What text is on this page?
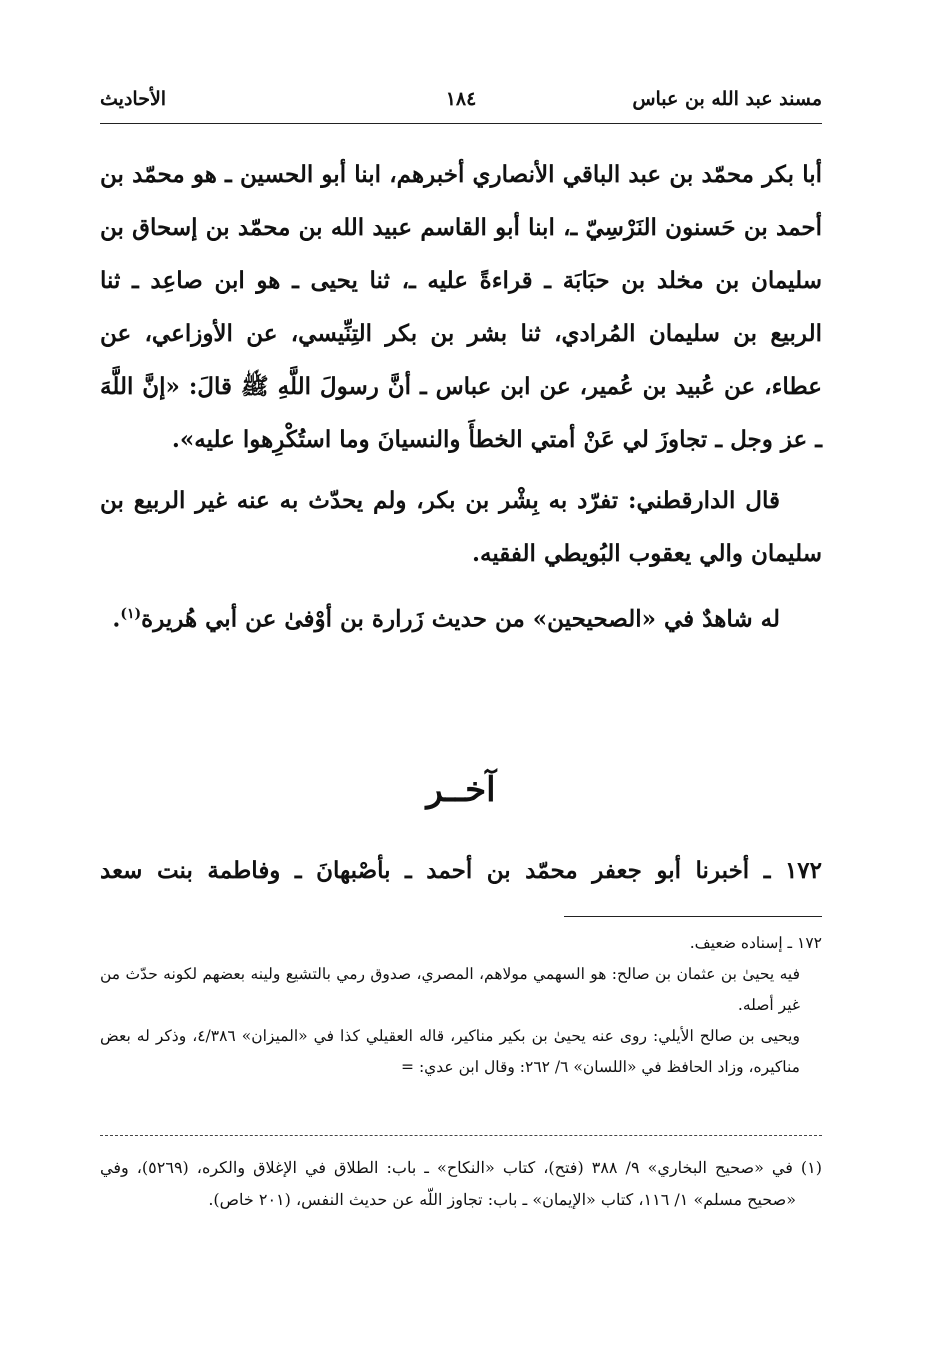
مسند عبد الله بن عباس
١٨٤
الأحاديث

أبا بكر محمّد بن عبد الباقي الأنصاري أخبرهم، ابنا أبو الحسين ـ هو محمّد بن أحمد بن حَسنون النَرْسِيّ ـ، ابنا أبو القاسم عبيد الله بن محمّد بن إسحاق بن سليمان بن مخلد بن حبَابَة ـ قراءةً عليه ـ، ثنا يحيى ـ هو ابن صاعِد ـ ثنا الربيع بن سليمان المُرادي، ثنا بشر بن بكر التِنِّيسي، عن الأوزاعي، عن عطاء، عن عُبيد بن عُمير، عن ابن عباس ـ أنَّ رسولَ اللَّهِ ﷺ قالَ: «إنَّ اللَّهَ ـ عز وجل ـ تجاوزَ لي عَنْ أمتي الخطأَ والنسيانَ وما استُكْرِهوا عليه».

قال الدارقطني: تفرّد به بِشْر بن بكر، ولم يحدّث به عنه غير الربيع بن سليمان والي يعقوب البُويطي الفقيه.

له شاهدٌ في «الصحيحين» من حديث زَرارة بن أوْفىٰ عن أبي هُريرة$^{(١)}$.

آخــر
١٧٢ ـ أخبرنا أبو جعفر محمّد بن أحمد ـ بأصْبهانَ ـ وفاطمة بنت سعد

١٧٢ ـ إسناده ضعيف.

فيه يحيىٰ بن عثمان بن صالح: هو السهمي مولاهم، المصري، صدوق رمي بالتشيع ولينه بعضهم لكونه حدّث من غير أصله.

ويحيى بن صالح الأيلي: روى عنه يحيىٰ بن بكير مناكير، قاله العقيلي كذا في «الميزان» ٤/٣٨٦، وذكر له بعض مناكيره، وزاد الحافظ في «اللسان» ٦/ ٢٦٢: وقال ابن عدي: =

(١) في «صحيح البخاري» ٩/ ٣٨٨ (فتح)، كتاب «النكاح» ـ باب: الطلاق في الإغلاق والكره، (٥٢٦٩)، وفي «صحيح مسلم» ١/ ١١٦، كتاب «الإيمان» ـ باب: تجاوز اللّه عن حديث النفس، (٢٠١ خاص).
